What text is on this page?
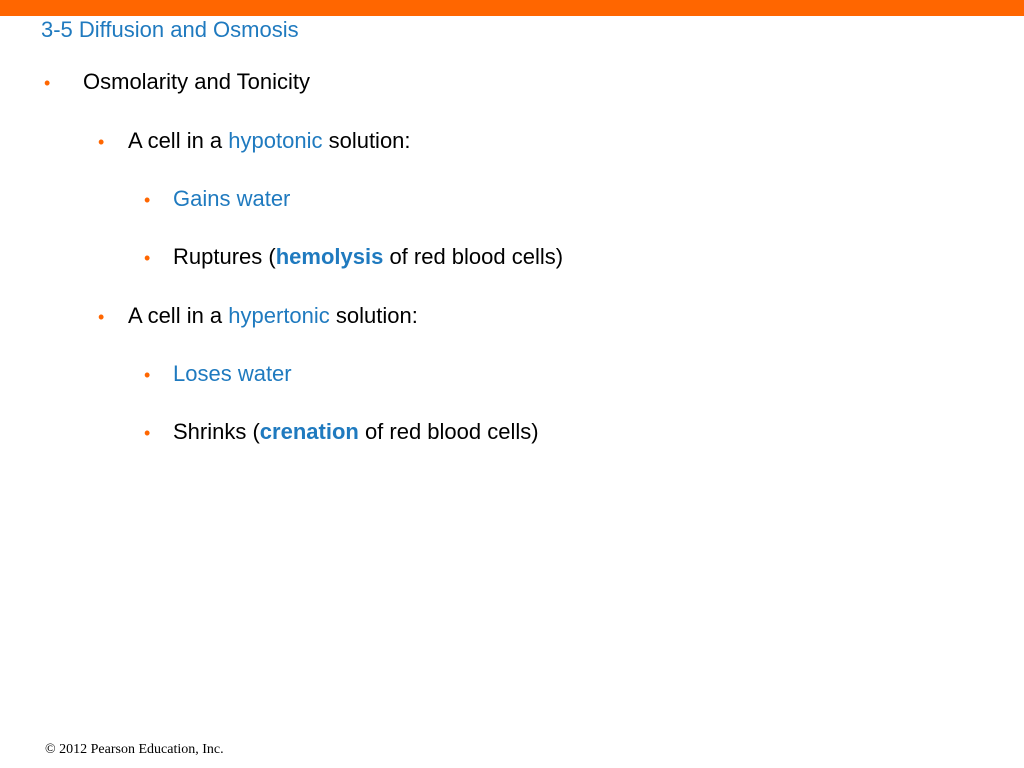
3-5 Diffusion and Osmosis
• Osmolarity and Tonicity
• A cell in a hypotonic solution:
• Gains water
• Ruptures (hemolysis of red blood cells)
• A cell in a hypertonic solution:
• Loses water
• Shrinks (crenation of red blood cells)
© 2012 Pearson Education, Inc.
